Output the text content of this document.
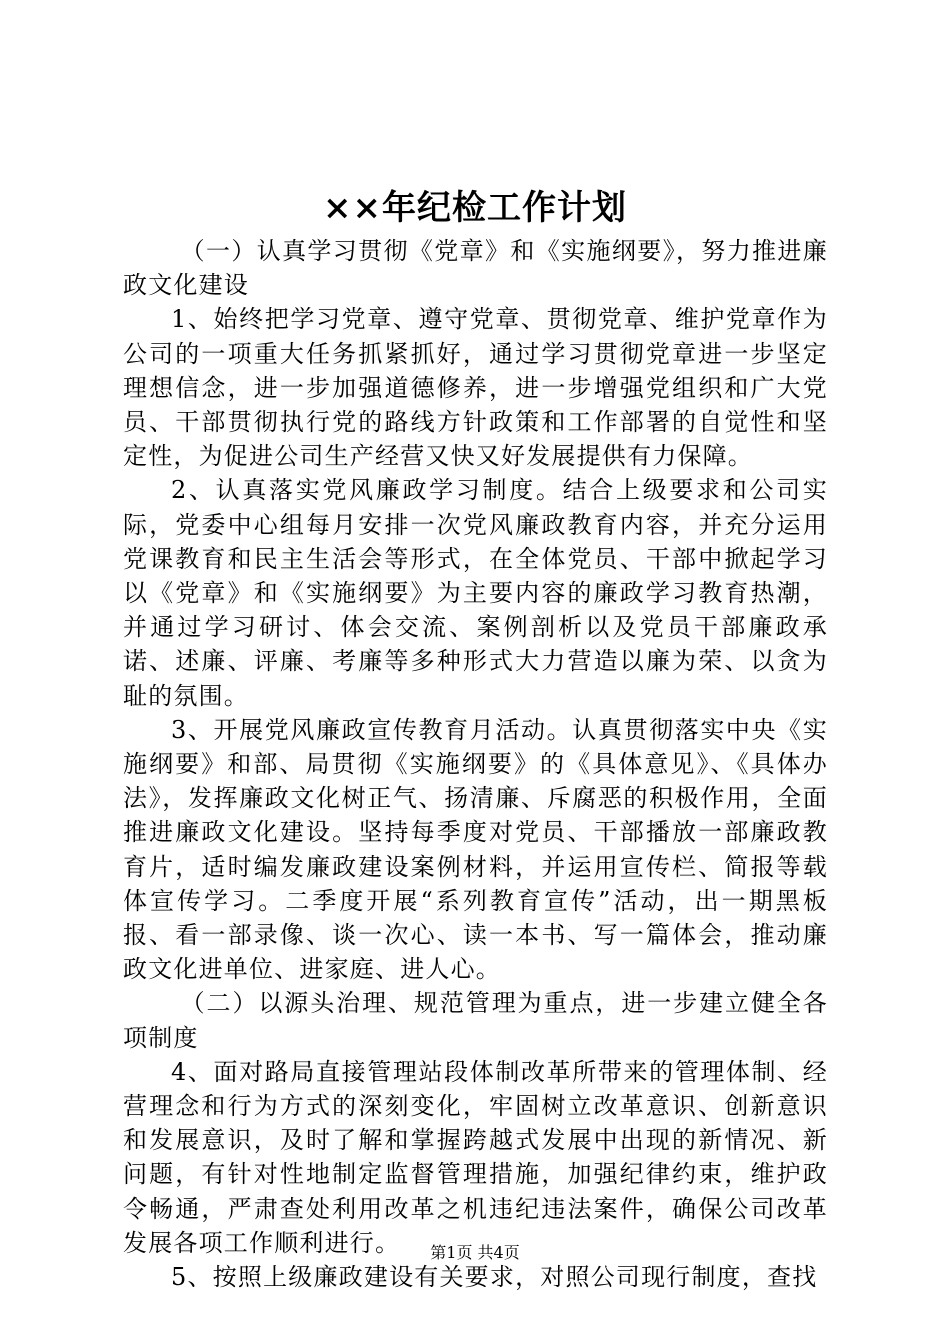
××年纪检工作计划

（一）认真学习贯彻《党章》和《实施纲要》，努力推进廉政文化建设

1、始终把学习党章、遵守党章、贯彻党章、维护党章作为公司的一项重大任务抓紧抓好，通过学习贯彻党章进一步坚定理想信念，进一步加强道德修养，进一步增强党组织和广大党员、干部贯彻执行党的路线方针政策和工作部署的自觉性和坚定性，为促进公司生产经营又快又好发展提供有力保障。

2、认真落实党风廉政学习制度。结合上级要求和公司实际，党委中心组每月安排一次党风廉政教育内容，并充分运用党课教育和民主生活会等形式，在全体党员、干部中掀起学习以《党章》和《实施纲要》为主要内容的廉政学习教育热潮，并通过学习研讨、体会交流、案例剖析以及党员干部廉政承诺、述廉、评廉、考廉等多种形式大力营造以廉为荣、以贪为耻的氛围。

3、开展党风廉政宣传教育月活动。认真贯彻落实中央《实施纲要》和部、局贯彻《实施纲要》的《具体意见》、《具体办法》，发挥廉政文化树正气、扬清廉、斥腐恶的积极作用，全面推进廉政文化建设。坚持每季度对党员、干部播放一部廉政教育片，适时编发廉政建设案例材料，并运用宣传栏、简报等载体宣传学习。二季度开展“系列教育宣传”活动，出一期黑板报、看一部录像、谈一次心、读一本书、写一篇体会，推动廉政文化进单位、进家庭、进人心。

（二）以源头治理、规范管理为重点，进一步建立健全各项制度

4、面对路局直接管理站段体制改革所带来的管理体制、经营理念和行为方式的深刻变化，牢固树立改革意识、创新意识和发展意识，及时了解和掌握跨越式发展中出现的新情况、新问题，有针对性地制定监督管理措施，加强纪律约束，维护政令畅通，严肃查处利用改革之机违纪违法案件，确保公司改革发展各项工作顺利进行。

5、按照上级廉政建设有关要求，对照公司现行制度，查找

第1页 共4页
